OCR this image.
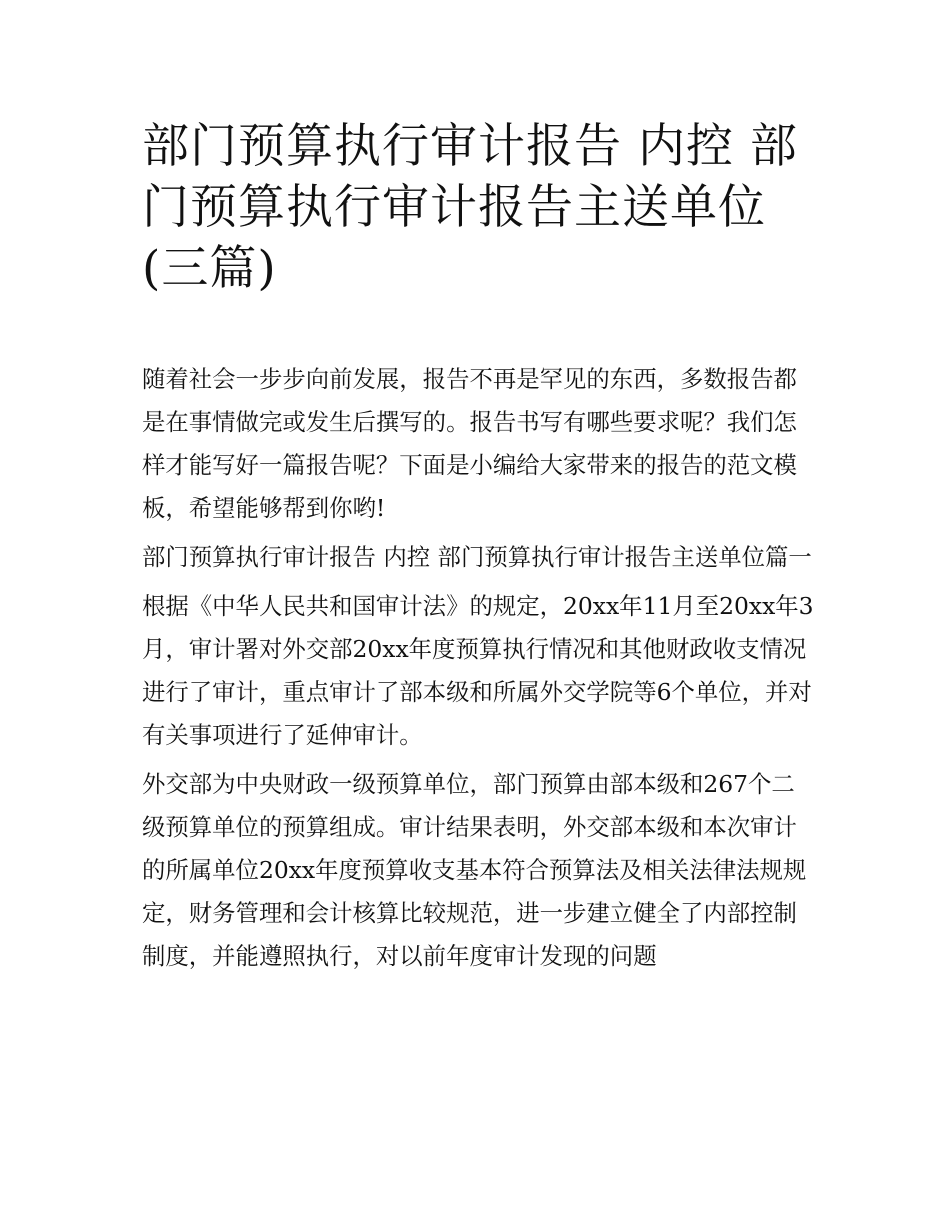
部门预算执行审计报告 内控 部门预算执行审计报告主送单位(三篇)

随着社会一步步向前发展，报告不再是罕见的东西，多数报告都是在事情做完或发生后撰写的。报告书写有哪些要求呢？我们怎样才能写好一篇报告呢？下面是小编给大家带来的报告的范文模板，希望能够帮到你哟!

部门预算执行审计报告 内控 部门预算执行审计报告主送单位篇一

根据《中华人民共和国审计法》的规定，20xx年11月至20xx年3月，审计署对外交部20xx年度预算执行情况和其他财政收支情况进行了审计，重点审计了部本级和所属外交学院等6个单位，并对有关事项进行了延伸审计。

外交部为中央财政一级预算单位，部门预算由部本级和267个二级预算单位的预算组成。审计结果表明，外交部本级和本次审计的所属单位20xx年度预算收支基本符合预算法及相关法律法规规定，财务管理和会计核算比较规范，进一步建立健全了内部控制制度，并能遵照执行，对以前年度审计发现的问题
